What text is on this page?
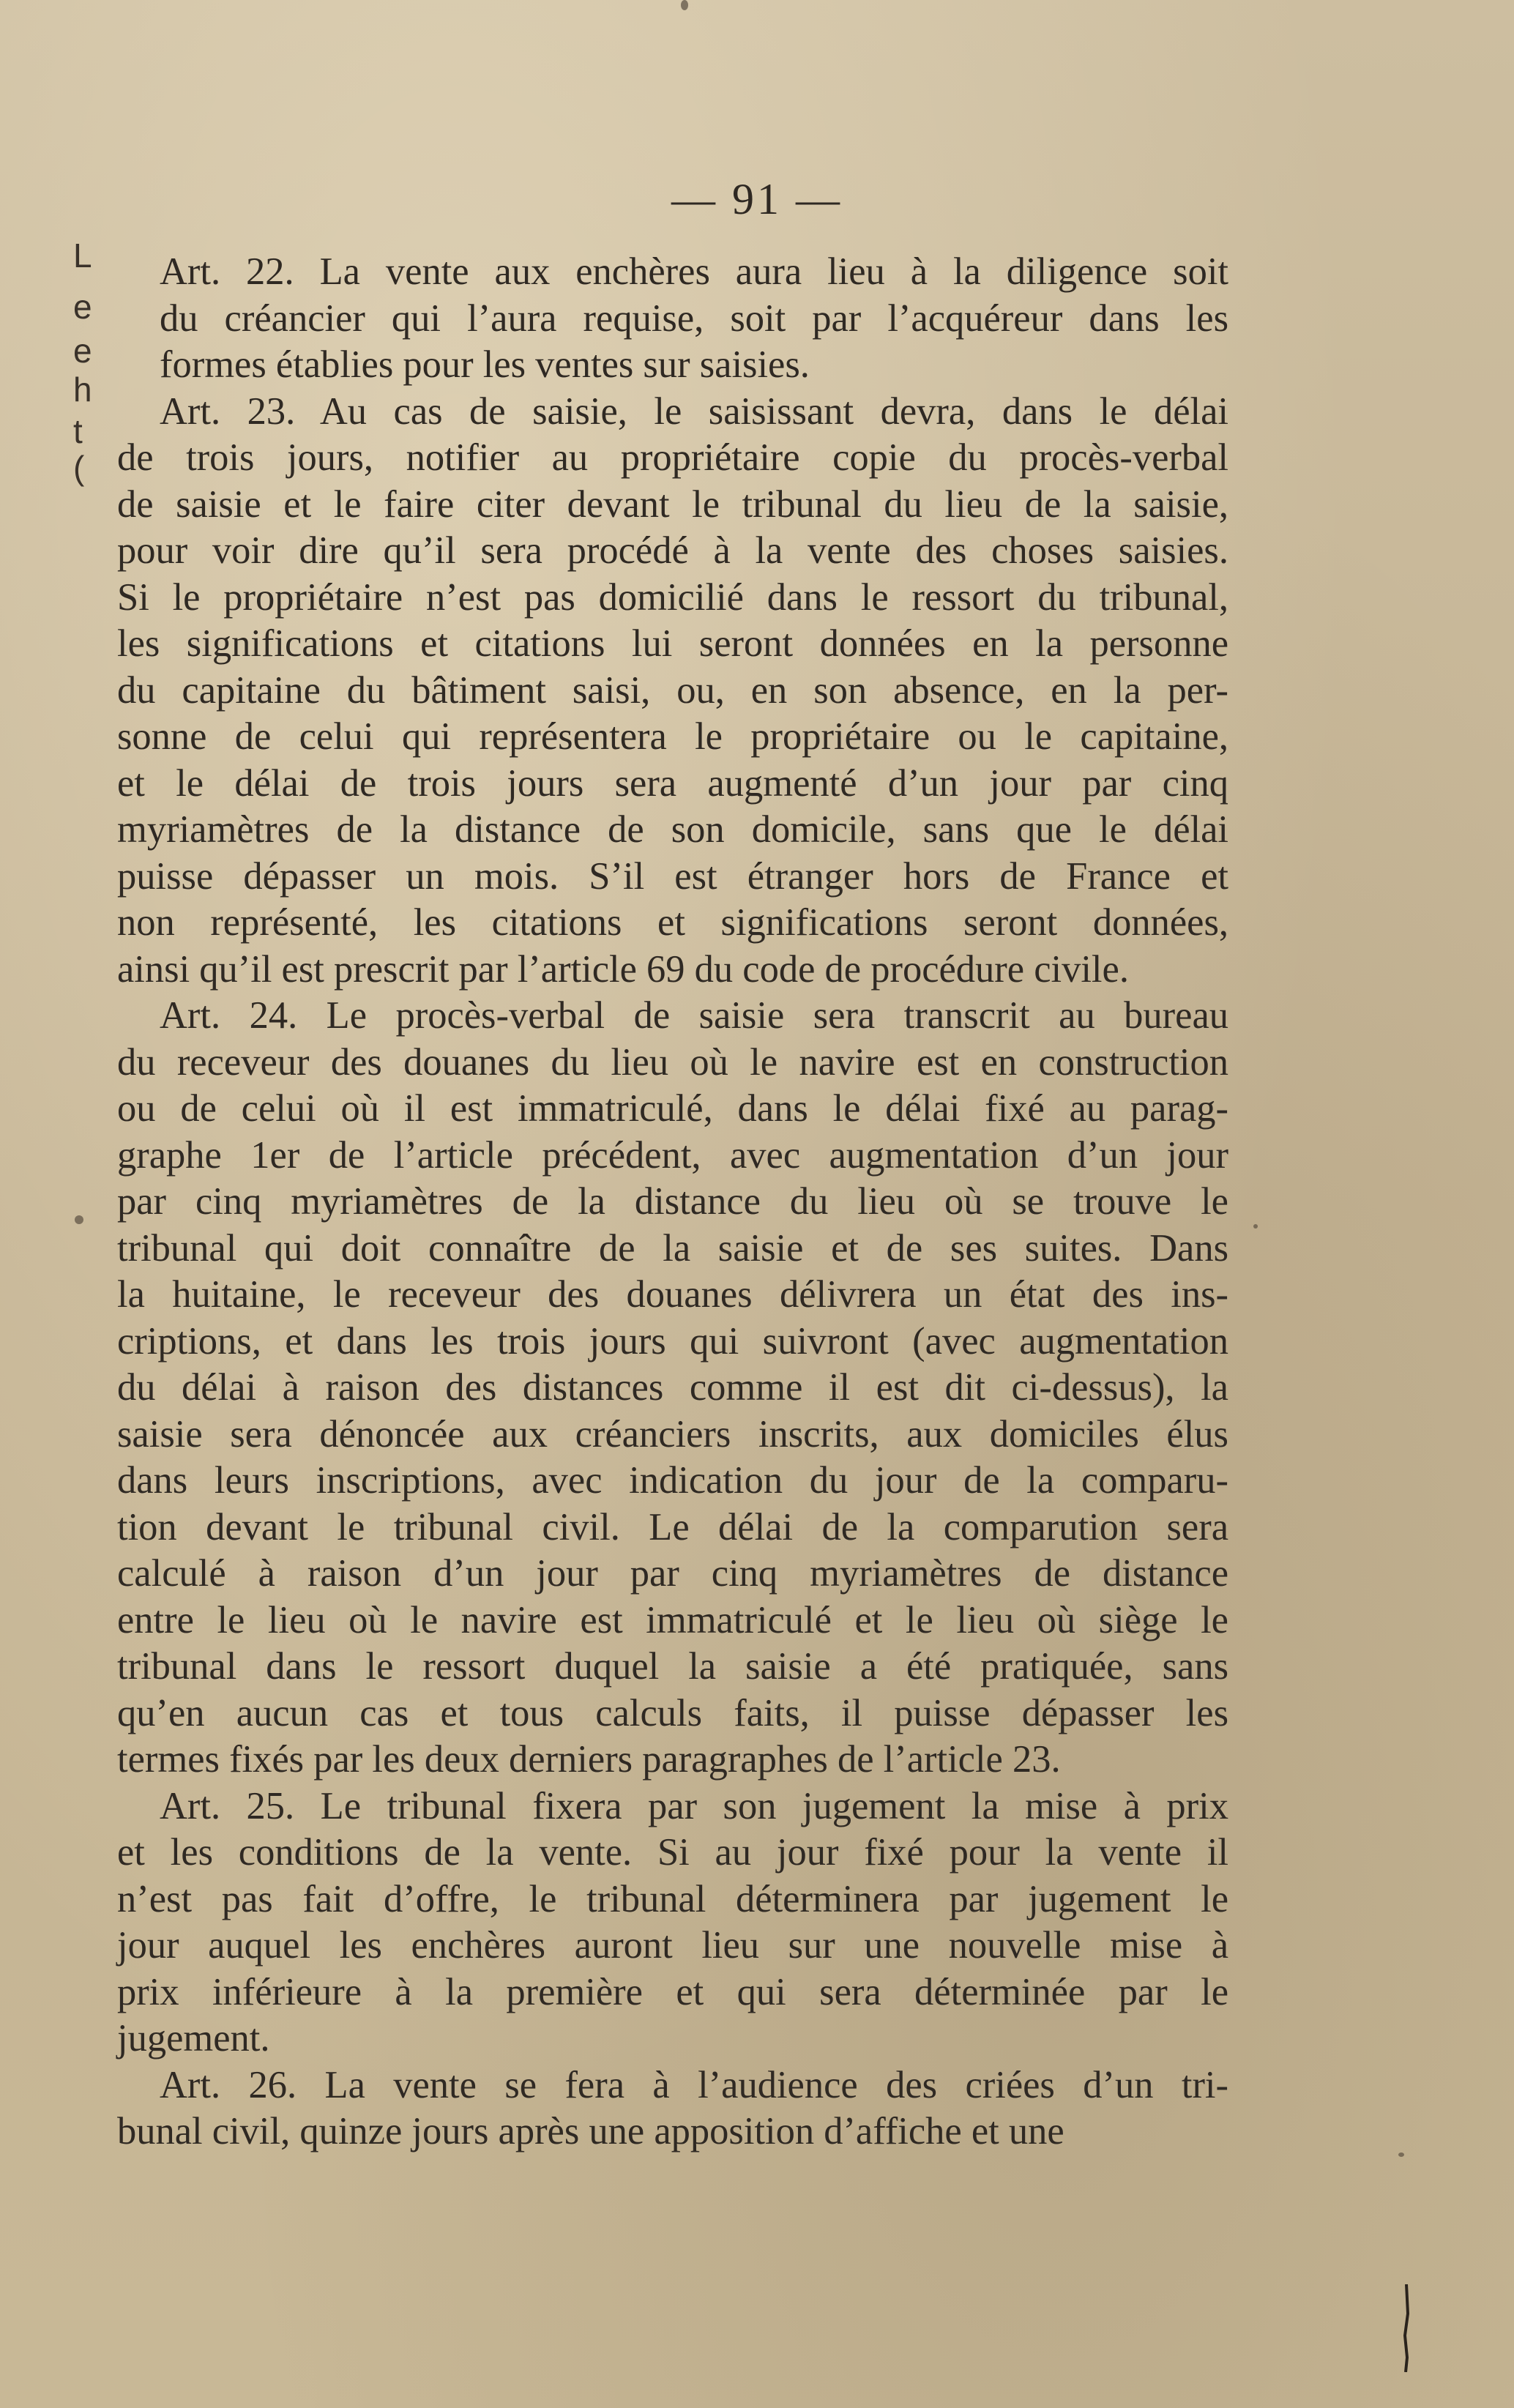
— 91 —
L
e
e
h
t
(
Art. 22. La vente aux enchères aura lieu à la diligence soit
du créancier qui l’aura requise, soit par l’acquéreur dans les
formes établies pour les ventes sur saisies.
Art. 23. Au cas de saisie, le saisissant devra, dans le délai
de trois jours, notifier au propriétaire copie du procès-verbal
de saisie et le faire citer devant le tribunal du lieu de la saisie,
pour voir dire qu’il sera procédé à la vente des choses saisies.
Si le propriétaire n’est pas domicilié dans le ressort du tribunal,
les significations et citations lui seront données en la personne
du capitaine du bâtiment saisi, ou, en son absence, en la per-
sonne de celui qui représentera le propriétaire ou le capitaine,
et le délai de trois jours sera augmenté d’un jour par cinq
myriamètres de la distance de son domicile, sans que le délai
puisse dépasser un mois. S’il est étranger hors de France et
non représenté, les citations et significations seront données,
ainsi qu’il est prescrit par l’article 69 du code de procédure civile.
Art. 24. Le procès-verbal de saisie sera transcrit au bureau
du receveur des douanes du lieu où le navire est en construction
ou de celui où il est immatriculé, dans le délai fixé au parag-
graphe 1er de l’article précédent, avec augmentation d’un jour
par cinq myriamètres de la distance du lieu où se trouve le
tribunal qui doit connaître de la saisie et de ses suites. Dans
la huitaine, le receveur des douanes délivrera un état des ins-
criptions, et dans les trois jours qui suivront (avec augmentation
du délai à raison des distances comme il est dit ci-dessus), la
saisie sera dénoncée aux créanciers inscrits, aux domiciles élus
dans leurs inscriptions, avec indication du jour de la comparu-
tion devant le tribunal civil. Le délai de la comparution sera
calculé à raison d’un jour par cinq myriamètres de distance
entre le lieu où le navire est immatriculé et le lieu où siège le
tribunal dans le ressort duquel la saisie a été pratiquée, sans
qu’en aucun cas et tous calculs faits, il puisse dépasser les
termes fixés par les deux derniers paragraphes de l’article 23.
Art. 25. Le tribunal fixera par son jugement la mise à prix
et les conditions de la vente. Si au jour fixé pour la vente il
n’est pas fait d’offre, le tribunal déterminera par jugement le
jour auquel les enchères auront lieu sur une nouvelle mise à
prix inférieure à la première et qui sera déterminée par le
jugement.
Art. 26. La vente se fera à l’audience des criées d’un tri-
bunal civil, quinze jours après une apposition d’affiche et une
